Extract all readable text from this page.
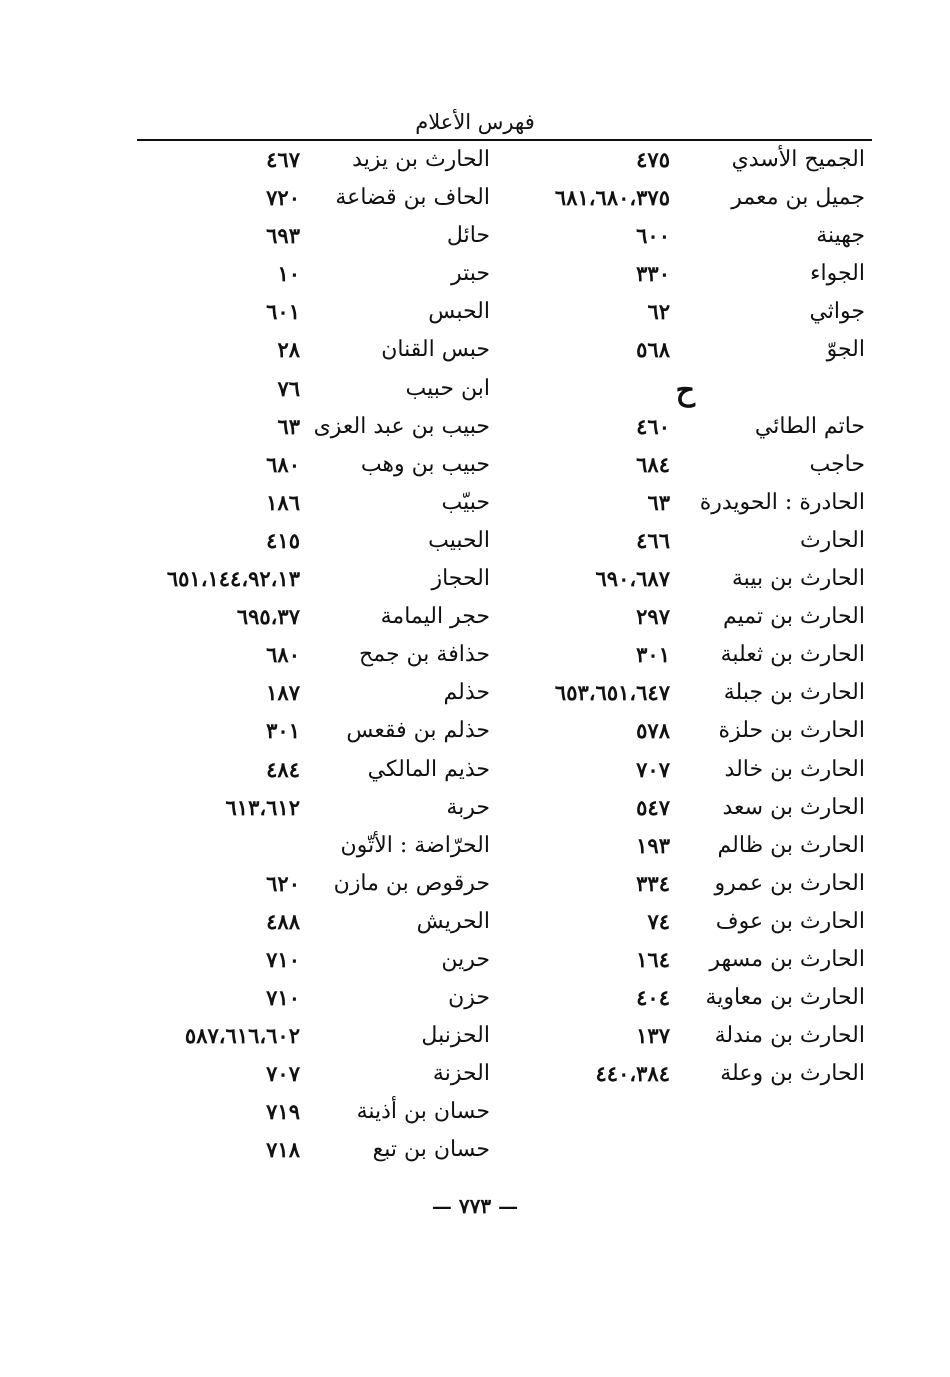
فهرس الأعلام
الجميح الأسدي
٤٧٥
جميل بن معمر
٦٨١،٦٨٠،٣٧٥
جهينة
٦٠٠
الجواء
٣٣٠
جواثي
٦٢
الجوّ
٥٦٨
ح
حاتم الطائي
٤٦٠
حاجب
٦٨٤
الحادرة : الحويدرة
٦٣
الحارث
٤٦٦
الحارث بن بيبة
٦٩٠،٦٨٧
الحارث بن تميم
٢٩٧
الحارث بن ثعلبة
٣٠١
الحارث بن جبلة
٦٥٣،٦٥١،٦٤٧
الحارث بن حلزة
٥٧٨
الحارث بن خالد
٧٠٧
الحارث بن سعد
٥٤٧
الحارث بن ظالم
١٩٣
الحارث بن عمرو
٣٣٤
الحارث بن عوف
٧٤
الحارث بن مسهر
١٦٤
الحارث بن معاوية
٤٠٤
الحارث بن مندلة
١٣٧
الحارث بن وعلة
٤٤٠،٣٨٤
الحارث بن يزيد
٤٦٧
الحاف بن قضاعة
٧٢٠
حائل
٦٩٣
حبتر
١٠
الحبس
٦٠١
حبس القنان
٢٨
ابن حبيب
٧٦
حبيب بن عبد العزى
٦٣
حبيب بن وهب
٦٨٠
حبيّب
١٨٦
الحبيب
٤١٥
الحجاز
٦٥١،١٤٤،٩٢،١٣
حجر اليمامة
٦٩٥،٣٧
حذافة بن جمح
٦٨٠
حذلم
١٨٧
حذلم بن فقعس
٣٠١
حذيم المالكي
٤٨٤
حربة
٦١٣،٦١٢
الحرّاضة : الأتّون
حرقوص بن مازن
٦٢٠
الحريش
٤٨٨
حرين
٧١٠
حزن
٧١٠
الحزنبل
٥٨٧،٦١٦،٦٠٢
الحزنة
٧٠٧
حسان بن أذينة
٧١٩
حسان بن تبع
٧١٨
— ٧٧٣ —
